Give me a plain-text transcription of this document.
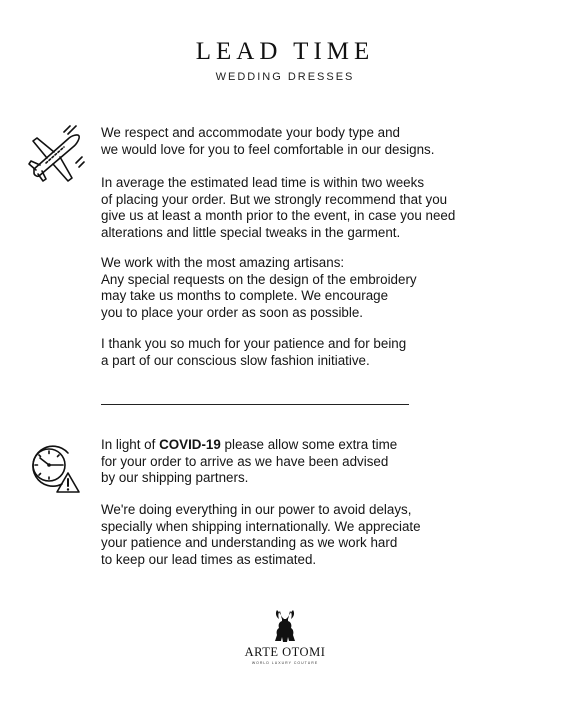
LEAD TIME
WEDDING DRESSES
We respect and accommodate your body type and
we would love for you to feel comfortable in our designs.
In average the estimated lead time is within two weeks
of placing your order. But we strongly recommend that you
give us at least a month prior to the event, in case you need
alterations and little special tweaks in the garment.
We work with the most amazing artisans:
Any special requests on the design of the embroidery
may take us months to complete. We encourage
you to place your order as soon as possible.
I thank you so much for your patience and for being
a part of our conscious slow fashion initiative.
In light of COVID-19 please allow some extra time
for your order to arrive as we have been advised
by our shipping partners.
We're doing everything in our power to avoid delays,
specially when shipping internationally. We appreciate
your patience and understanding as we work hard
to keep our lead times as estimated.
ARTE OTOMI
WORLD LUXURY COUTURE
